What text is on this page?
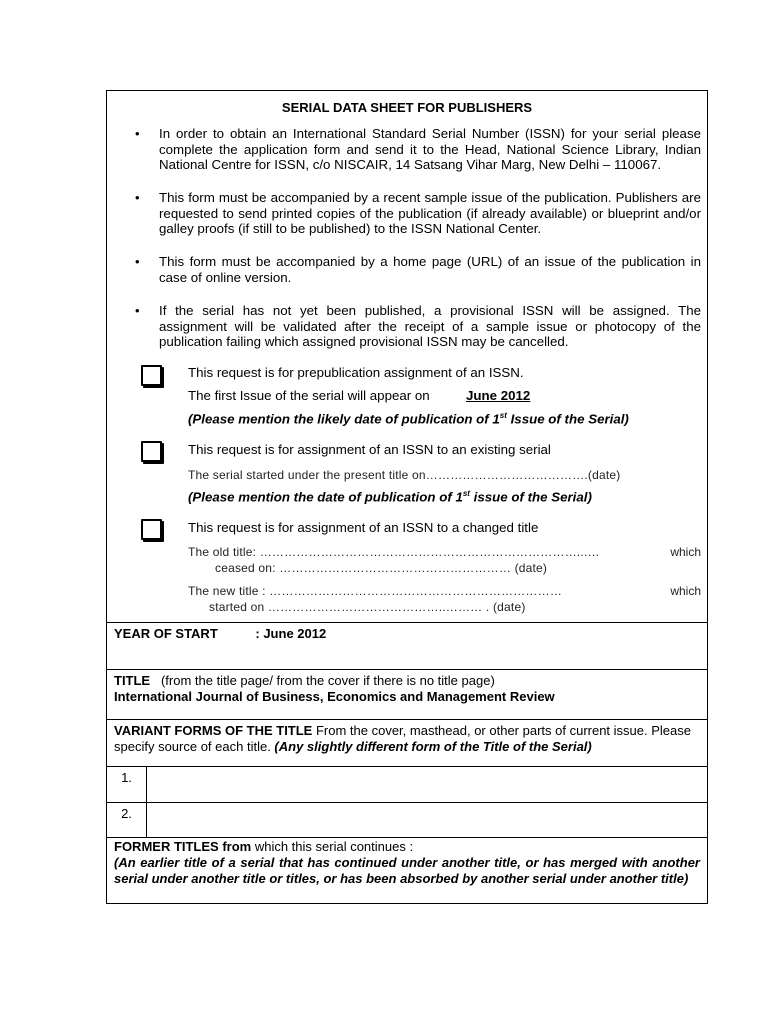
SERIAL DATA SHEET FOR PUBLISHERS
• In order to obtain an International Standard Serial Number (ISSN) for your serial please complete the application form and send it to the Head, National Science Library, Indian National Centre for ISSN, c/o NISCAIR, 14 Satsang Vihar Marg, New Delhi – 110067.
• This form must be accompanied by a recent sample issue of the publication. Publishers are requested to send printed copies of the publication (if already available) or blueprint and/or galley proofs (if still to be published) to the ISSN National Center.
• This form must be accompanied by a home page (URL) of an issue of the publication in case of online version.
• If the serial has not yet been published, a provisional ISSN will be assigned. The assignment will be validated after the receipt of a sample issue or photocopy of the publication failing which assigned provisional ISSN may be cancelled.
This request is for prepublication assignment of an ISSN.
The first Issue of the serial will appear on	June 2012
(Please mention the likely date of publication of 1st Issue of the Serial)
This request is for assignment of an ISSN to an existing serial
The serial started under the present title on………………………………….(date)
(Please mention the date of publication of 1st issue of the Serial)
This request is for assignment of an ISSN to a changed title
The old title: ……………………………………………………………………...…	which
ceased on: ………………………………………………… (date)
The new title : ………………………………………………………………	which
started on ……………………………………..……… . (date)
YEAR OF START	: June 2012
TITLE   (from the title page/ from the cover if there is no title page)
International Journal of Business, Economics and Management Review
VARIANT FORMS OF THE TITLE From the cover, masthead, or other parts of current issue. Please specify source of each title. (Any slightly different form of the Title of the Serial)
1.
2.
FORMER TITLES from which this serial continues :
(An earlier title of a serial that has continued under another title, or has merged with another serial under another title or titles, or has been absorbed by another serial under another title)
